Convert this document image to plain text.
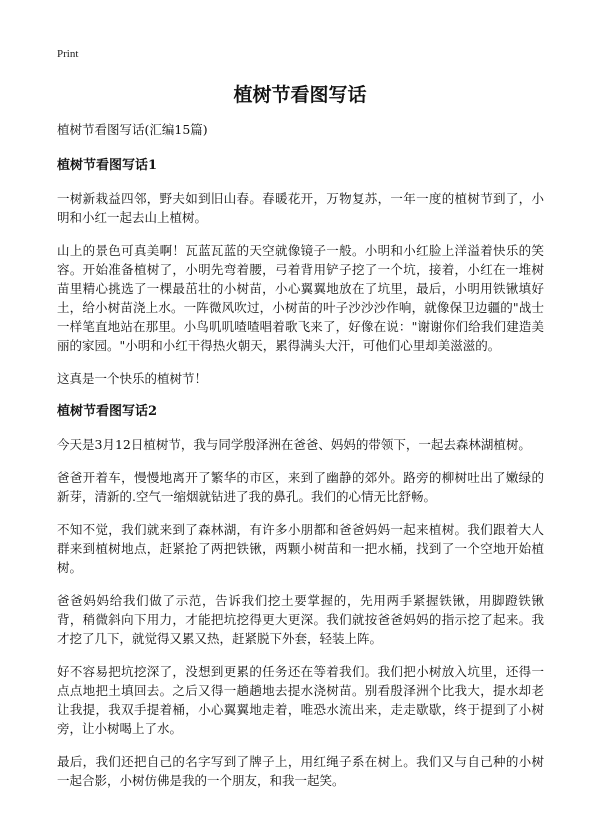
Print
植树节看图写话
植树节看图写话(汇编15篇)
植树节看图写话1

一树新栽益四邻，野夫如到旧山春。春暖花开，万物复苏，一年一度的植树节到了，小明和小红一起去山上植树。

山上的景色可真美啊！瓦蓝瓦蓝的天空就像镜子一般。小明和小红脸上洋溢着快乐的笑容。开始准备植树了，小明先弯着腰，弓着背用铲子挖了一个坑，接着，小红在一堆树苗里精心挑选了一棵最茁壮的小树苗，小心翼翼地放在了坑里，最后，小明用铁锹填好土，给小树苗浇上水。一阵微风吹过，小树苗的叶子沙沙沙作响，就像保卫边疆的"战士一样笔直地站在那里。小鸟叽叽喳喳唱着歌飞来了，好像在说："谢谢你们给我们建造美丽的家园。"小明和小红干得热火朝天，累得满头大汗，可他们心里却美滋滋的。

这真是一个快乐的植树节！

植树节看图写话2

今天是3月12日植树节，我与同学殷泽洲在爸爸、妈妈的带领下，一起去森林湖植树。

爸爸开着车，慢慢地离开了繁华的市区，来到了幽静的郊外。路旁的柳树吐出了嫩绿的新芽，清新的.空气一缩烟就钻进了我的鼻孔。我们的心情无比舒畅。

不知不觉，我们就来到了森林湖，有许多小朋都和爸爸妈妈一起来植树。我们跟着大人群来到植树地点，赶紧抢了两把铁锹，两颗小树苗和一把水桶，找到了一个空地开始植树。

爸爸妈妈给我们做了示范，告诉我们挖土要掌握的，先用两手紧握铁锹，用脚蹬铁锹背，稍微斜向下用力，才能把坑挖得更大更深。我们就按爸爸妈妈的指示挖了起来。我才挖了几下，就觉得又累又热，赶紧脱下外套，轻装上阵。

好不容易把坑挖深了，没想到更累的任务还在等着我们。我们把小树放入坑里，还得一点点地把土填回去。之后又得一趟趟地去提水浇树苗。别看殷泽洲个比我大，提水却老让我提，我双手提着桶，小心翼翼地走着，唯恐水流出来，走走歇歇，终于提到了小树旁，让小树喝上了水。

最后，我们还把自己的名字写到了牌子上，用红绳子系在树上。我们又与自己种的小树一起合影，小树仿佛是我的一个朋友，和我一起笑。
